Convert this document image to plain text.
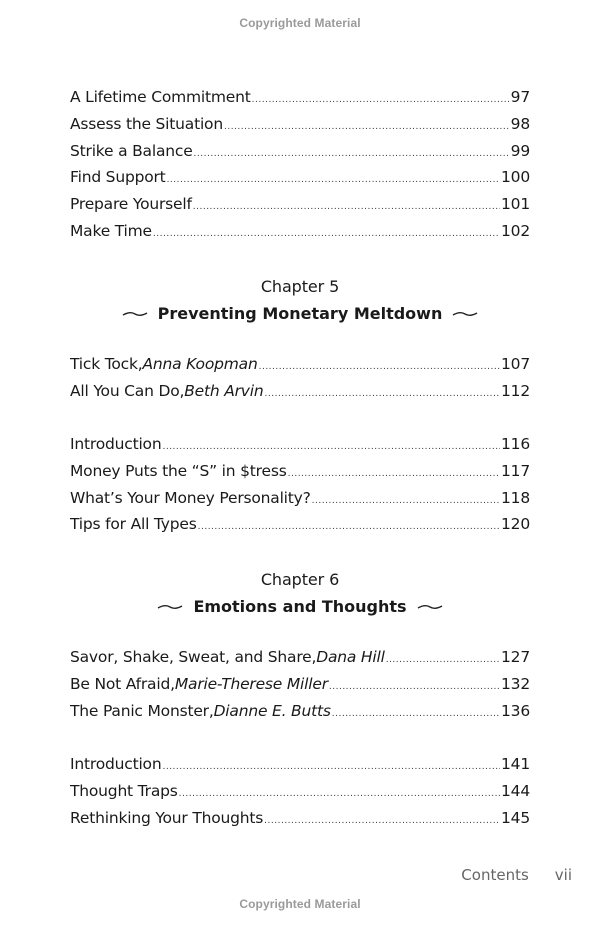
Copyrighted Material
A Lifetime Commitment .....	97
Assess the Situation .....	98
Strike a Balance .....	99
Find Support .....	100
Prepare Yourself .....	101
Make Time .....	102
Tick Tock, Anna Koopman .....	107
All You Can Do, Beth Arvin .....	112
Introduction .....	116
Money Puts the “S” in $tress .....	117
What’s Your Money Personality? .....	118
Tips for All Types .....	120
Savor, Shake, Sweat, and Share, Dana Hill .....	127
Be Not Afraid, Marie-Therese Miller .....	132
The Panic Monster, Dianne E. Butts .....	136
Introduction .....	141
Thought Traps .....	144
Rethinking Your Thoughts .....	145
Chapter 5
Preventing Monetary Meltdown
Chapter 6
Emotions and Thoughts
Contents vii
Copyrighted Material
